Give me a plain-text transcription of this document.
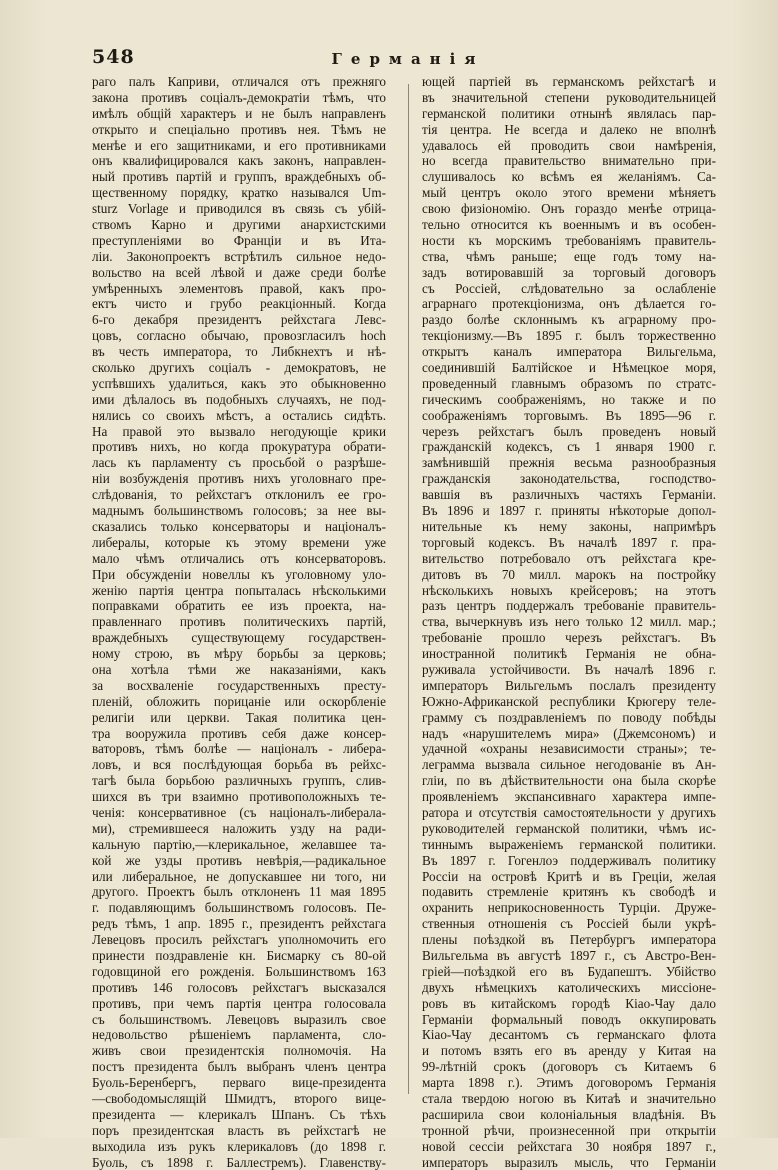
548	Германія
раго палъ Каприви, отличался отъ прежняго
закона противъ соціалъ-демократіи тѣмъ, что
имѣлъ общій характеръ и не былъ направленъ
открыто и спеціально противъ нея. Тѣмъ не
менѣе и его защитниками, и его противниками
онъ квалифицировался какъ законъ, направлен-
ный противъ партій и группъ, враждебныхъ об-
щественному порядку, кратко назывался Um-
sturz Vorlage и приводился въ связь съ убій-
ствомъ Карно и другими анархистскими
преступленіями во Франціи и въ Ита-
ліи. Законопроектъ встрѣтилъ сильное недо-
вольство на всей лѣвой и даже среди болѣе
умѣренныхъ элементовъ правой, какъ про-
ектъ чисто и грубо реакціонный. Когда
6-го декабря президентъ рейхстага Левс-
цовъ, согласно обычаю, провозгласилъ hoch
въ честь императора, то Либкнехтъ и нѣ-
сколько другихъ соціалъ - демократовъ, не
успѣвшихъ удалиться, какъ это обыкновенно
ими дѣлалось въ подобныхъ случаяхъ, не под-
нялись со своихъ мѣстъ, а остались сидѣть.
На правой это вызвало негодующіе крики
противъ нихъ, но когда прокуратура обрати-
лась къ парламенту съ просьбой о разрѣше-
ніи возбужденія противъ нихъ уголовнаго пре-
слѣдованія, то рейхстагъ отклонилъ ее гро-
маднымъ большинствомъ голосовъ; за нее вы-
сказались только консерваторы и націоналъ-
либералы, которые къ этому времени уже
мало чѣмъ отличались отъ консерваторовъ.
При обсужденіи новеллы къ уголовному уло-
женію партія центра попыталась нѣсколькими
поправками обратить ее изъ проекта, на-
правленнаго противъ политическихъ партій,
враждебныхъ существующему государствен-
ному строю, въ мѣру борьбы за церковь;
она хотѣла тѣми же наказаніями, какъ
за восхваленіе государственныхъ престу-
пленій, обложить порицаніе или оскорбленіе
религіи или церкви. Такая политика цен-
тра вооружила противъ себя даже консер-
ваторовъ, тѣмъ болѣе — націоналъ - либера-
ловъ, и вся послѣдующая борьба въ рейхс-
тагѣ была борьбою различныхъ группъ, слив-
шихся въ три взаимно противоположныхъ те-
ченія: консервативное (съ націоналъ-либерала-
ми), стремившееся наложить узду на ради-
кальную партію,—клерикальное, желавшее та-
кой же узды противъ невѣрія,—радикальное
или либеральное, не допускавшее ни того, ни
другого. Проектъ былъ отклоненъ 11 мая 1895
г. подавляющимъ большинствомъ голосовъ. Пе-
редъ тѣмъ, 1 апр. 1895 г., президентъ рейхстага
Левецовъ просилъ рейхстагъ уполномочить его
принести поздравленіе кн. Бисмарку съ 80-ой
годовщиной его рожденія. Большинствомъ 163
противъ 146 голосовъ рейхстагъ высказался
противъ, при чемъ партія центра голосовала
съ большинствомъ. Левецовъ выразилъ свое
недовольство рѣшеніемъ парламента, сло-
живъ свои президентскія полномочія. На
постъ президента былъ выбранъ членъ центра
Буоль-Беренбергъ, перваго вице-президента
—свободомыслящій Шмидтъ, второго вице-
президента — клерикалъ Шпанъ. Съ тѣхъ
поръ президентская власть въ рейхстагѣ не
выходила изъ рукъ клерикаловъ (до 1898 г.
Буоль, съ 1898 г. Баллестремъ). Главенству-
ющей партіей въ германскомъ рейхстагѣ и
въ значительной степени руководительницей
германской политики отнынѣ являлась пар-
тія центра. Не всегда и далеко не вполнѣ
удавалось ей проводить свои намѣренія,
но всегда правительство внимательно при-
слушивалось ко всѣмъ ея желаніямъ. Са-
мый центръ около этого времени мѣняетъ
свою физіономію. Онъ гораздо менѣе отрица-
тельно относится къ военнымъ и въ особен-
ности къ морскимъ требованіямъ правитель-
ства, чѣмъ раньше; еще годъ тому на-
задъ вотировавшій за торговый договоръ
съ Россіей, слѣдовательно за ослабленіе
аграрнаго протекціонизма, онъ дѣлается го-
раздо болѣе склоннымъ къ аграрному про-
текціонизму.—Въ 1895 г. былъ торжественно
открытъ каналъ императора Вильгельма,
соединившій Балтійское и Нѣмецкое моря,
проведенный главнымъ образомъ по стратс-
гическимъ соображеніямъ, но также и по
соображеніямъ торговымъ. Въ 1895—96 г.
черезъ рейхстагъ былъ проведенъ новый
гражданскій кодексъ, съ 1 января 1900 г.
замѣнившій прежнія весьма разнообразныя
гражданскія законодательства, господство-
вавшія въ различныхъ частяхъ Германіи.
Въ 1896 и 1897 г. приняты нѣкоторые допол-
нительные къ нему законы, напримѣръ
торговый кодексъ. Въ началѣ 1897 г. пра-
вительство потребовало отъ рейхстага кре-
дитовъ въ 70 милл. марокъ на постройку
нѣсколькихъ новыхъ крейсеровъ; на этотъ
разъ центръ поддержалъ требованіе правитель-
ства, вычеркнувъ изъ него только 12 милл. мар.;
требованіе прошло черезъ рейхстагъ. Въ
иностранной политикѣ Германія не обна-
руживала устойчивости. Въ началѣ 1896 г.
императоръ Вильгельмъ послалъ президенту
Южно-Африканской республики Крюгеру теле-
грамму съ поздравленіемъ по поводу побѣды
надъ «нарушителемъ мира» (Джемсономъ) и
удачной «охраны независимости страны»; те-
леграмма вызвала сильное негодованіе въ Ан-
гліи, по въ дѣйствительности она была скорѣе
проявленіемъ экспансивнаго характера импе-
ратора и отсутствія самостоятельности у другихъ
руководителей германской политики, чѣмъ ис-
тиннымъ выраженіемъ германской политики.
Въ 1897 г. Гогенлоэ поддерживалъ политику
Россіи на островѣ Критѣ и въ Греціи, желая
подавить стремленіе критянъ къ свободѣ и
охранить неприкосновенность Турціи. Друже-
ственныя отношенія съ Россіей были укрѣ-
плены поѣздкой въ Петербургъ императора
Вильгельма въ августѣ 1897 г., съ Австро-Вен-
гріей—поѣздкой его въ Будапештъ. Убійство
двухъ нѣмецкихъ католическихъ миссіоне-
ровъ въ китайскомъ городѣ Кiao-Чау дало
Германіи формальный поводъ оккупировать
Кiao-Чау десантомъ съ германскаго флота
и потомъ взять его въ аренду у Китая на
99-лѣтній срокъ (договоръ съ Китаемъ 6
марта 1898 г.). Этимъ договоромъ Германія
стала твердою ногою въ Китаѣ и значительно
расширила свои колоніальныя владѣнія. Въ
тронной рѣчи, произнесенной при открытіи
новой сессіи рейхстага 30 ноября 1897 г.,
императоръ выразилъ мысль, что Германіи
